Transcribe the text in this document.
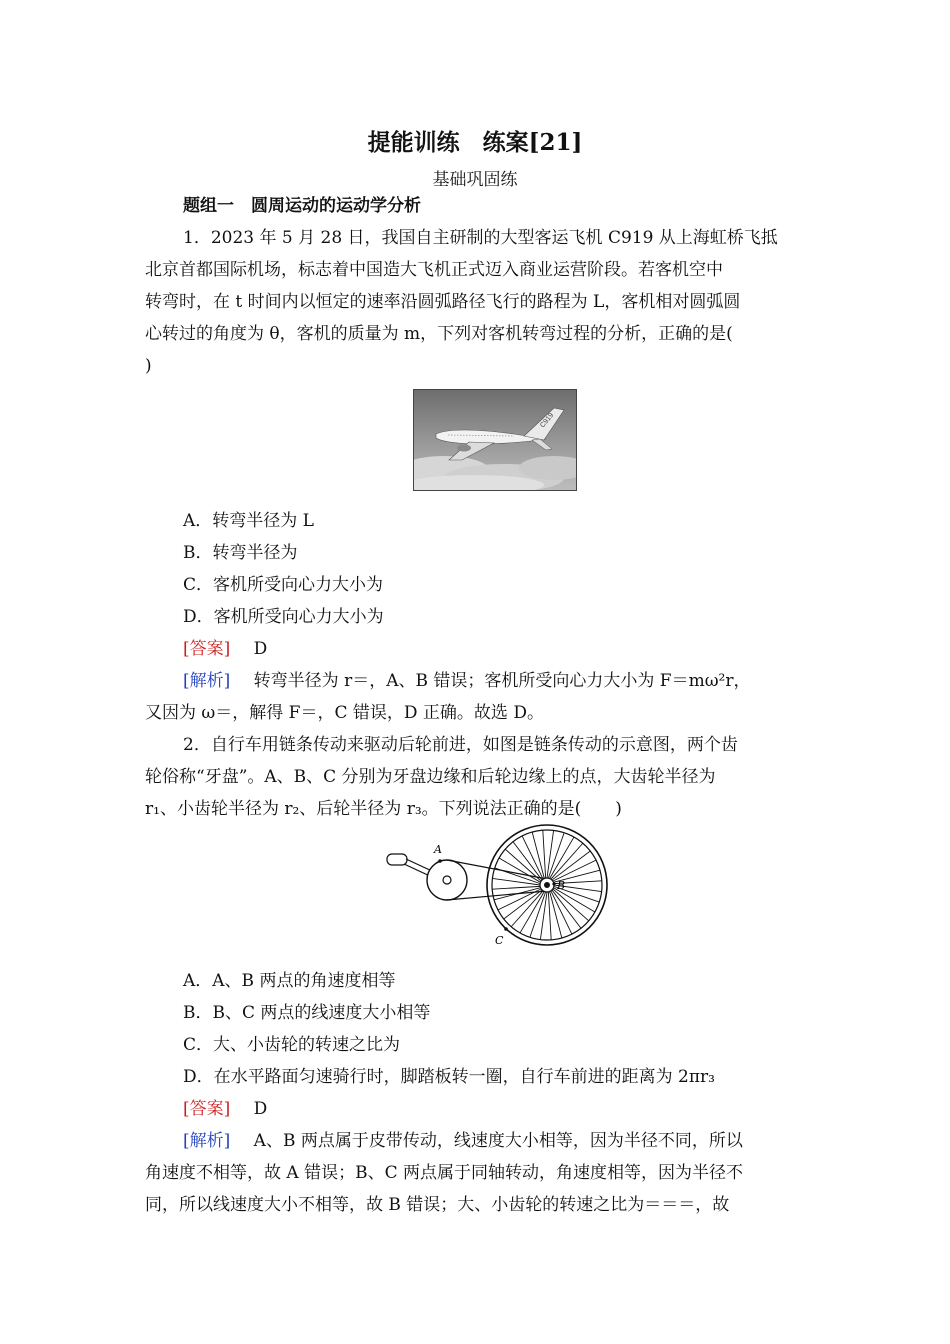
提能训练　练案[21]
基础巩固练
题组一　圆周运动的运动学分析
1．2023 年 5 月 28 日，我国自主研制的大型客运飞机 C919 从上海虹桥飞抵
北京首都国际机场，标志着中国造大飞机正式迈入商业运营阶段。若客机空中
转弯时，在 t 时间内以恒定的速率沿圆弧路径飞行的路程为 L，客机相对圆弧圆
心转过的角度为 θ，客机的质量为 m，下列对客机转弯过程的分析，正确的是(
)
C919
A．转弯半径为 L
B．转弯半径为
C．客机所受向心力大小为
D．客机所受向心力大小为
[答案] D
[解析] 转弯半径为 r＝，A、B 错误；客机所受向心力大小为 F＝mω²r，
又因为 ω＝，解得 F＝，C 错误，D 正确。故选 D。
2．自行车用链条传动来驱动后轮前进，如图是链条传动的示意图，两个齿
轮俗称“牙盘”。A、B、C 分别为牙盘边缘和后轮边缘上的点，大齿轮半径为
r₁、小齿轮半径为 r₂、后轮半径为 r₃。下列说法正确的是(　　)
A
B
C
A．A、B 两点的角速度相等
B．B、C 两点的线速度大小相等
C．大、小齿轮的转速之比为
D．在水平路面匀速骑行时，脚踏板转一圈，自行车前进的距离为 2πr₃
[答案] D
[解析] A、B 两点属于皮带传动，线速度大小相等，因为半径不同，所以
角速度不相等，故 A 错误；B、C 两点属于同轴转动，角速度相等，因为半径不
同，所以线速度大小不相等，故 B 错误；大、小齿轮的转速之比为＝＝＝，故
